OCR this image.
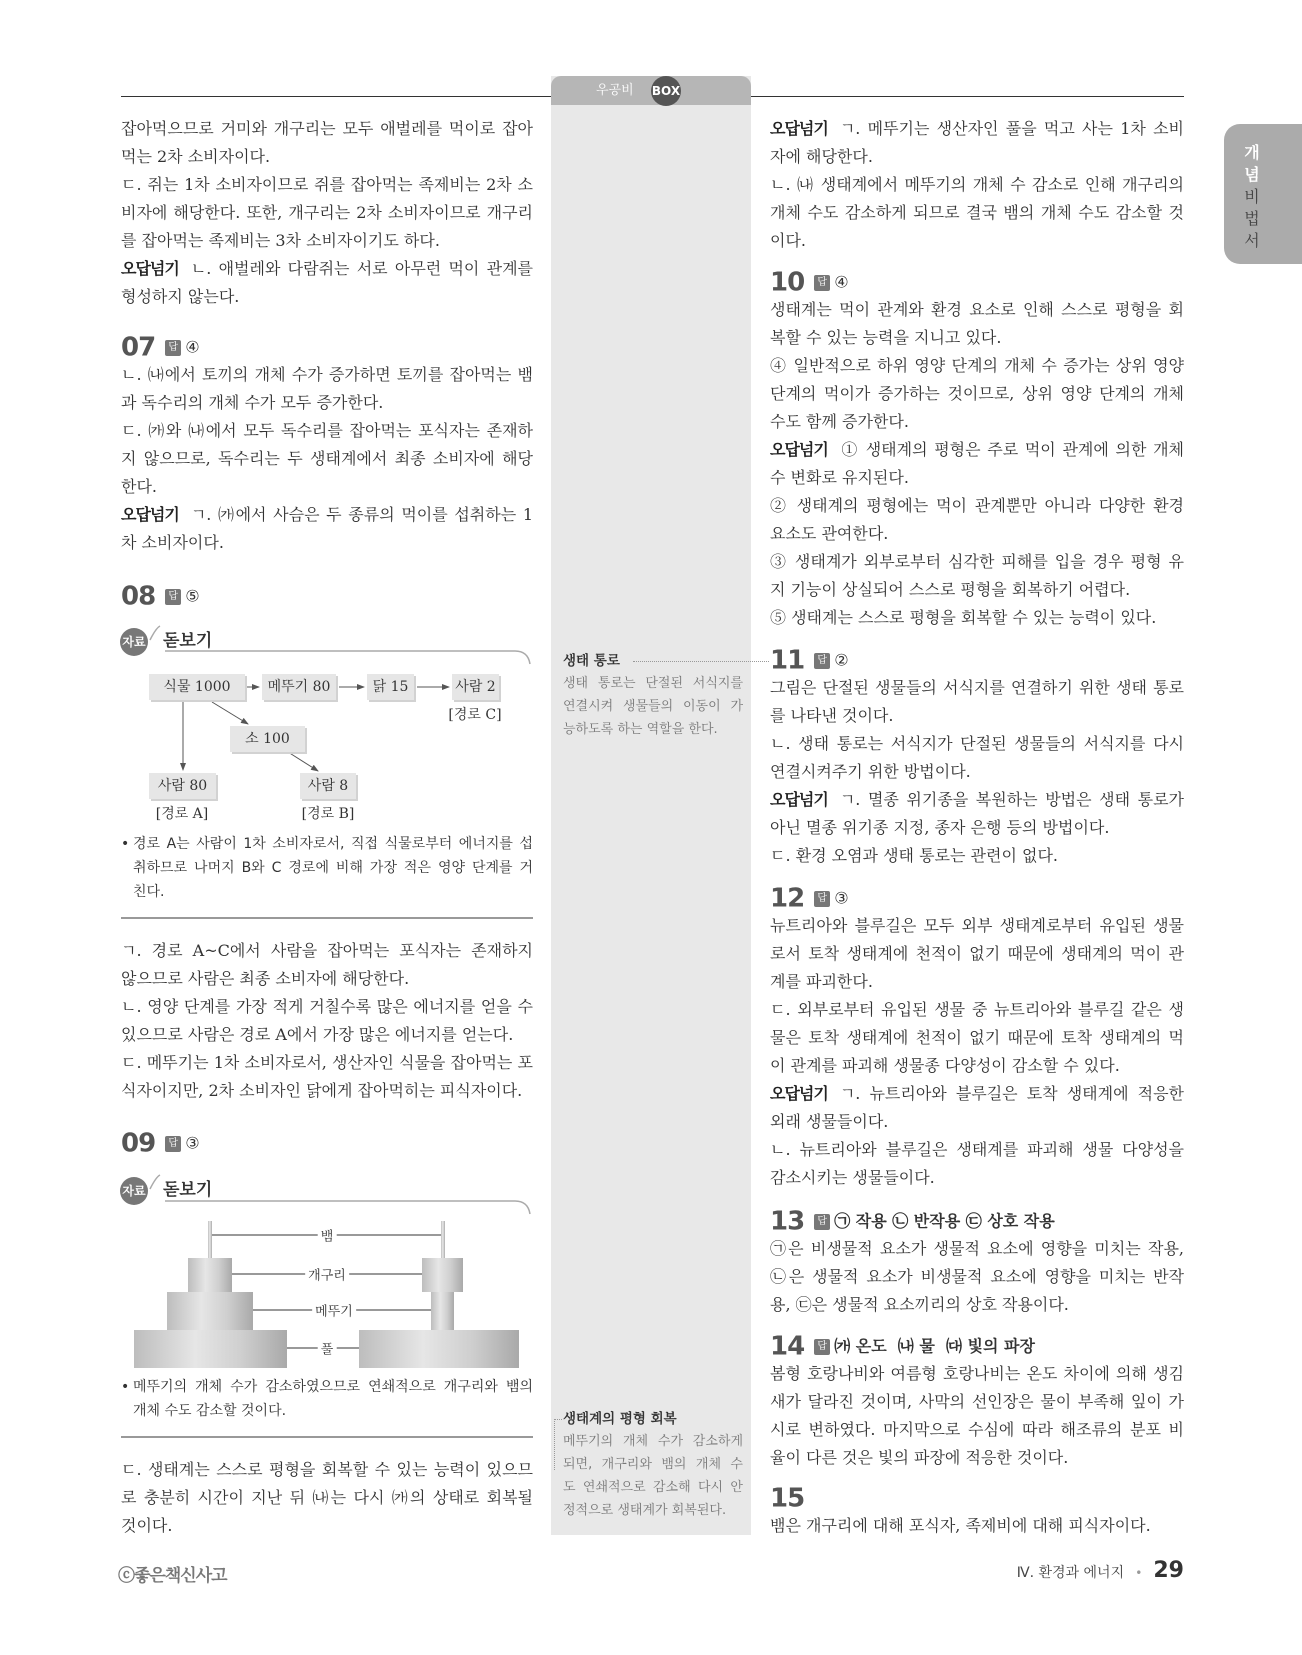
우공비 BOX
생태 통로
생태 통로는 단절된 서식지를
연결시켜 생물들의 이동이 가
능하도록 하는 역할을 한다.
생태계의 평형 회복
메뚜기의 개체 수가 감소하게
되면, 개구리와 뱀의 개체 수
도 연쇄적으로 감소해 다시 안
정적으로 생태계가 회복된다.
잡아먹으므로 거미와 개구리는 모두 애벌레를 먹이로 잡아
먹는 2차 소비자이다.
ㄷ. 쥐는 1차 소비자이므로 쥐를 잡아먹는 족제비는 2차 소
비자에 해당한다. 또한, 개구리는 2차 소비자이므로 개구리
를 잡아먹는 족제비는 3차 소비자이기도 하다.
오답넘기 ㄴ. 애벌레와 다람쥐는 서로 아무런 먹이 관계를
형성하지 않는다.
07 답 ④
ㄴ. ㈏에서 토끼의 개체 수가 증가하면 토끼를 잡아먹는 뱀
과 독수리의 개체 수가 모두 증가한다.
ㄷ. ㈎와 ㈏에서 모두 독수리를 잡아먹는 포식자는 존재하
지 않으므로, 독수리는 두 생태계에서 최종 소비자에 해당
한다.
오답넘기 ㄱ. ㈎에서 사슴은 두 종류의 먹이를 섭취하는 1
차 소비자이다.
08 답 ⑤
자료 돋보기
식물 1000	메뚜기 80	닭 15	사람 2
소 100
사람 80	사람 8
[경로 C]
[경로 A]	[경로 B]
• 경로 A는 사람이 1차 소비자로서, 직접 식물로부터 에너지를 섭
취하므로 나머지 B와 C 경로에 비해 가장 적은 영양 단계를 거
친다.
ㄱ. 경로 A~C에서 사람을 잡아먹는 포식자는 존재하지
않으므로 사람은 최종 소비자에 해당한다.
ㄴ. 영양 단계를 가장 적게 거칠수록 많은 에너지를 얻을 수
있으므로 사람은 경로 A에서 가장 많은 에너지를 얻는다.
ㄷ. 메뚜기는 1차 소비자로서, 생산자인 식물을 잡아먹는 포
식자이지만, 2차 소비자인 닭에게 잡아먹히는 피식자이다.
09 답 ③
자료 돋보기
뱀
개구리
메뚜기
풀
• 메뚜기의 개체 수가 감소하였으므로 연쇄적으로 개구리와 뱀의
개체 수도 감소할 것이다.
ㄷ. 생태계는 스스로 평형을 회복할 수 있는 능력이 있으므
로 충분히 시간이 지난 뒤 ㈏는 다시 ㈎의 상태로 회복될
것이다.
오답넘기 ㄱ. 메뚜기는 생산자인 풀을 먹고 사는 1차 소비
자에 해당한다.
ㄴ. ㈏ 생태계에서 메뚜기의 개체 수 감소로 인해 개구리의
개체 수도 감소하게 되므로 결국 뱀의 개체 수도 감소할 것
이다.
10 답 ④
생태계는 먹이 관계와 환경 요소로 인해 스스로 평형을 회
복할 수 있는 능력을 지니고 있다.
④ 일반적으로 하위 영양 단계의 개체 수 증가는 상위 영양
단계의 먹이가 증가하는 것이므로, 상위 영양 단계의 개체
수도 함께 증가한다.
오답넘기 ① 생태계의 평형은 주로 먹이 관계에 의한 개체
수 변화로 유지된다.
② 생태계의 평형에는 먹이 관계뿐만 아니라 다양한 환경
요소도 관여한다.
③ 생태계가 외부로부터 심각한 피해를 입을 경우 평형 유
지 기능이 상실되어 스스로 평형을 회복하기 어렵다.
⑤ 생태계는 스스로 평형을 회복할 수 있는 능력이 있다.
11 답 ②
그림은 단절된 생물들의 서식지를 연결하기 위한 생태 통로
를 나타낸 것이다.
ㄴ. 생태 통로는 서식지가 단절된 생물들의 서식지를 다시
연결시켜주기 위한 방법이다.
오답넘기 ㄱ. 멸종 위기종을 복원하는 방법은 생태 통로가
아닌 멸종 위기종 지정, 종자 은행 등의 방법이다.
ㄷ. 환경 오염과 생태 통로는 관련이 없다.
12 답 ③
뉴트리아와 블루길은 모두 외부 생태계로부터 유입된 생물
로서 토착 생태계에 천적이 없기 때문에 생태계의 먹이 관
계를 파괴한다.
ㄷ. 외부로부터 유입된 생물 중 뉴트리아와 블루길 같은 생
물은 토착 생태계에 천적이 없기 때문에 토착 생태계의 먹
이 관계를 파괴해 생물종 다양성이 감소할 수 있다.
오답넘기 ㄱ. 뉴트리아와 블루길은 토착 생태계에 적응한
외래 생물들이다.
ㄴ. 뉴트리아와 블루길은 생태계를 파괴해 생물 다양성을
감소시키는 생물들이다.
13 답 ㉠ 작용 ㉡ 반작용 ㉢ 상호 작용
㉠은 비생물적 요소가 생물적 요소에 영향을 미치는 작용,
㉡은 생물적 요소가 비생물적 요소에 영향을 미치는 반작
용, ㉢은 생물적 요소끼리의 상호 작용이다.
14 답 ㈎ 온도  ㈏ 물  ㈐ 빛의 파장
봄형 호랑나비와 여름형 호랑나비는 온도 차이에 의해 생김
새가 달라진 것이며, 사막의 선인장은 물이 부족해 잎이 가
시로 변하였다. 마지막으로 수심에 따라 해조류의 분포 비
율이 다른 것은 빛의 파장에 적응한 것이다.
15
뱀은 개구리에 대해 포식자, 족제비에 대해 피식자이다.
개
념
비
법
서
ⓒ좋은책신사고	Ⅳ. 환경과 에너지 • 29
